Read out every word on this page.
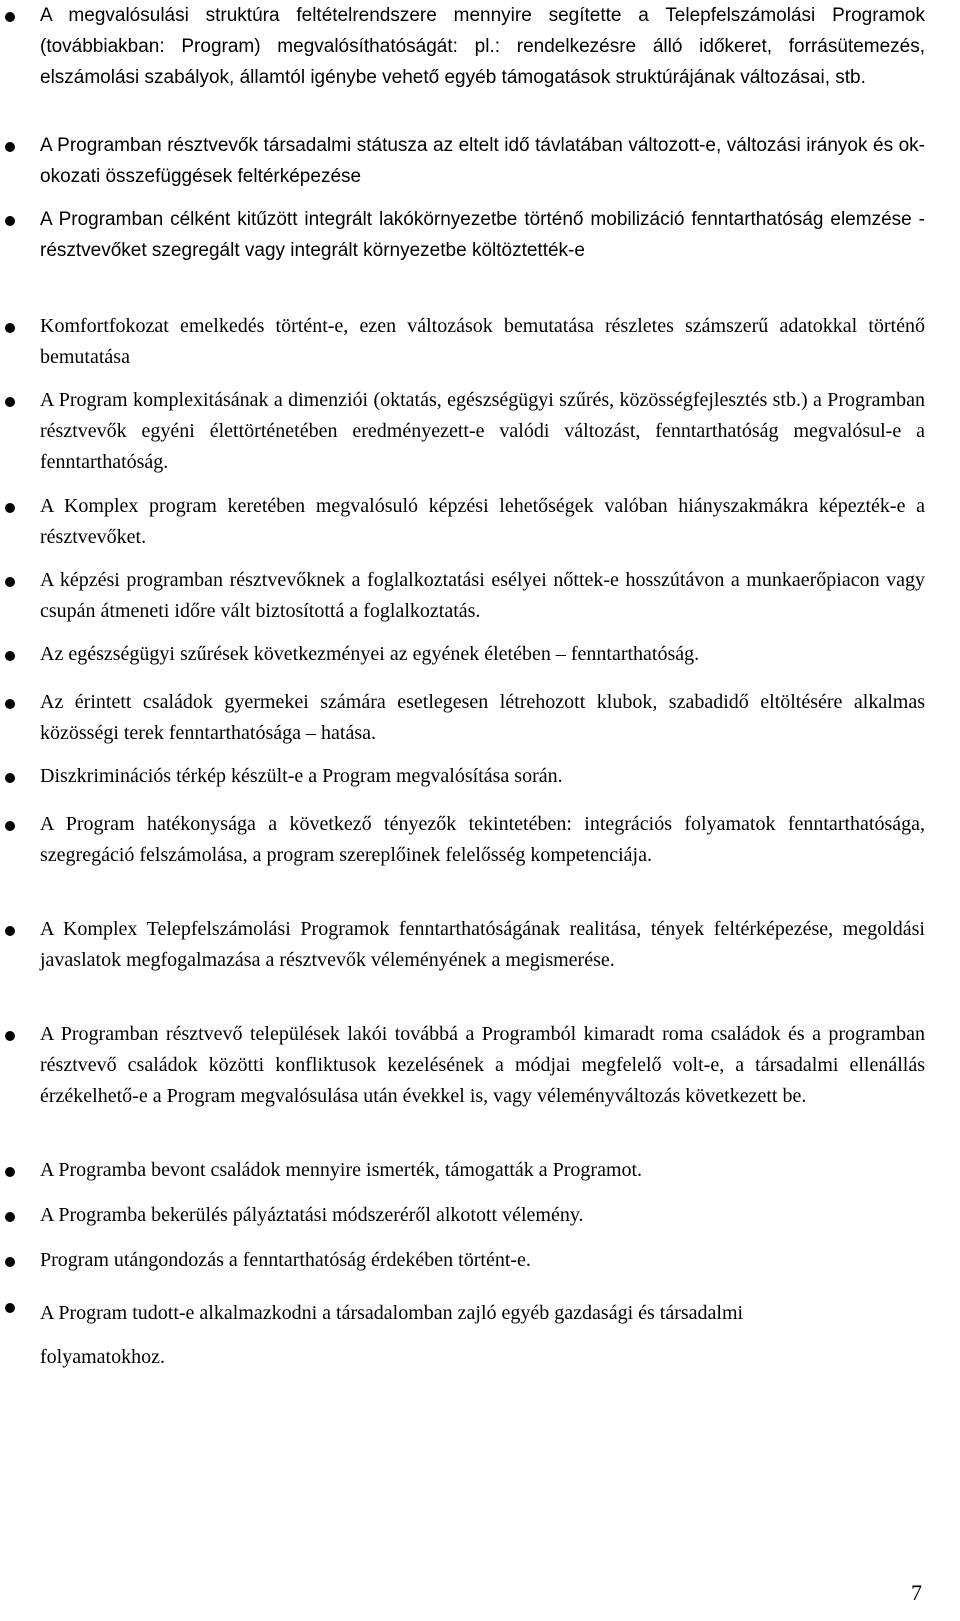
A megvalósulási struktúra feltételrendszere mennyire segítette a Telepfelszámolási Programok (továbbiakban: Program) megvalósíthatóságát: pl.: rendelkezésre álló időkeret, forrásütemezés, elszámolási szabályok, államtól igénybe vehető egyéb támogatások struktúrájának változásai, stb.
A Programban résztvevők társadalmi státusza az eltelt idő távlatában változott-e, változási irányok és ok-okozati összefüggések feltérképezése
A Programban célként kitűzött integrált lakókörnyezetbe történő mobilizáció fenntarthatóság elemzése - résztvevőket szegregált vagy integrált környezetbe költöztették-e
Komfortfokozat emelkedés történt-e, ezen változások bemutatása részletes számszerű adatokkal történő bemutatása
A Program komplexitásának a dimenziói (oktatás, egészségügyi szűrés, közösségfejlesztés stb.) a Programban résztvevők egyéni élettörténetében eredményezett-e valódi változást, fenntarthatóság megvalósul-e a fenntarthatóság.
A Komplex program keretében megvalósuló képzési lehetőségek valóban hiányszakmákra képezték-e a résztvevőket.
A képzési programban résztvevőknek a foglalkoztatási esélyei nőttek-e hosszútávon a munkaerőpiacon vagy csupán átmeneti időre vált biztosítottá a foglalkoztatás.
Az egészségügyi szűrések következményei az egyének életében – fenntarthatóság.
Az érintett családok gyermekei számára esetlegesen létrehozott klubok, szabadidő eltöltésére alkalmas közösségi terek fenntarthatósága – hatása.
Diszkriminációs térkép készült-e a Program megvalósítása során.
A Program hatékonysága a következő tényezők tekintetében: integrációs folyamatok fenntarthatósága, szegregáció felszámolása, a program szereplőinek felelősség kompetenciája.
A Komplex Telepfelszámolási Programok fenntarthatóságának realitása, tények feltérképezése, megoldási javaslatok megfogalmazása a résztvevők véleményének a megismerése.
A Programban résztvevő települések lakói továbbá a Programból kimaradt roma családok és a programban résztvevő családok közötti konfliktusok kezelésének a módjai megfelelő volt-e, a társadalmi ellenállás érzékelhető-e a Program megvalósulása után évekkel is, vagy véleményváltozás következett be.
A Programba bevont családok mennyire ismerték, támogatták a Programot.
A Programba bekerülés pályáztatási módszeréről alkotott vélemény.
Program utángondozás a fenntarthatóság érdekében történt-e.
A Program tudott-e alkalmazkodni a társadalomban zajló egyéb gazdasági és társadalmi folyamatokhoz.
7
